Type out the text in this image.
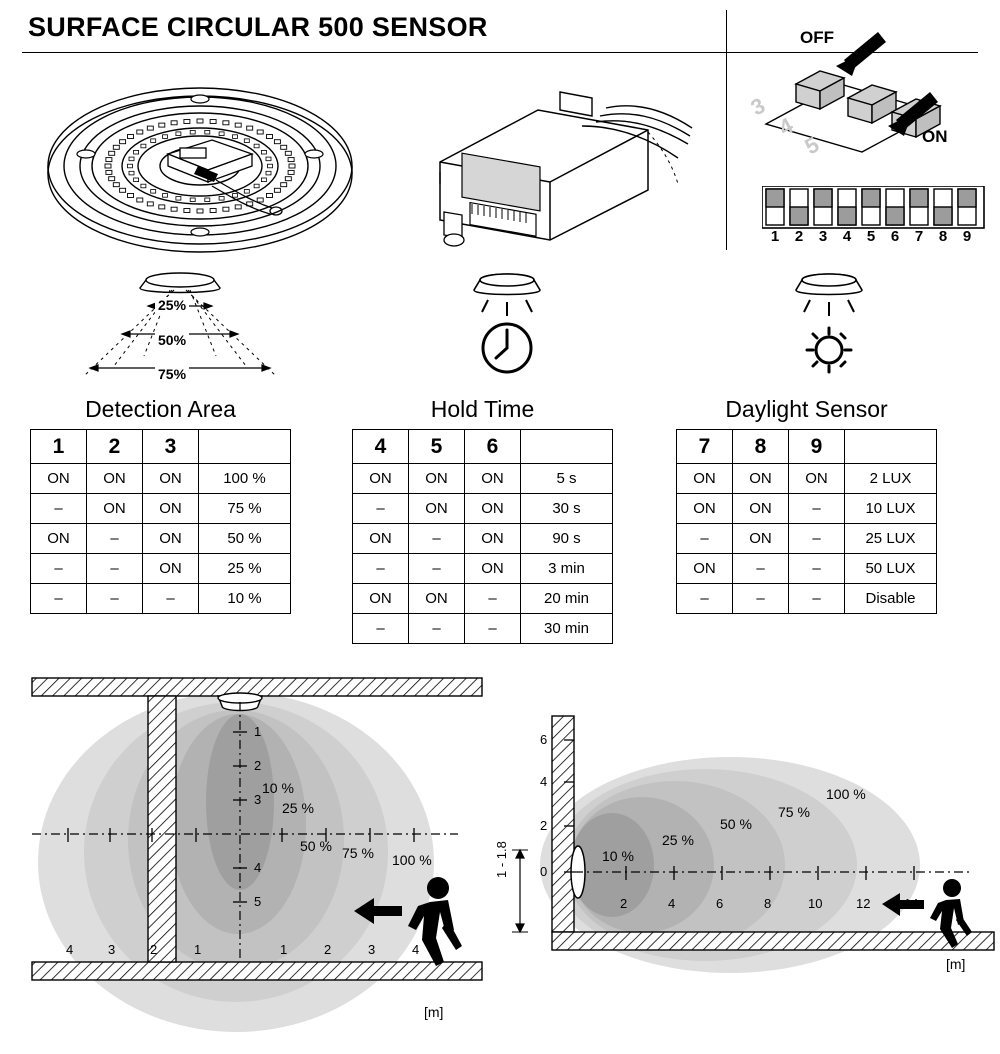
SURFACE CIRCULAR 500 SENSOR
3
4
5
OFF
ON
1	2	3	4	5	6	7	8	9
25%
50%
75%
Detection Area
1	2	3	
ON	ON	ON	100 %
–	ON	ON	75 %
ON	–	ON	50 %
–	–	ON	25 %
–	–	–	10 %
Hold Time
4	5	6	
ON	ON	ON	5 s
–	ON	ON	30 s
ON	–	ON	90 s
–	–	ON	3 min
ON	ON	–	20 min
–	–	–	30 min
Daylight Sensor
7	8	9	
ON	ON	ON	2 LUX
ON	ON	–	10 LUX
–	ON	–	25 LUX
ON	–	–	50 LUX
–	–	–	Disable
1
2
3
4
5
4	3	2	1	1	2	3	4
10 %
25 %
50 % 75 % 100 %
[m]
6
4
2
0
2	4	6	8	10	12	14
10 %
25 %
50 %
75 %
100 %
1 - 1.8
[m]
